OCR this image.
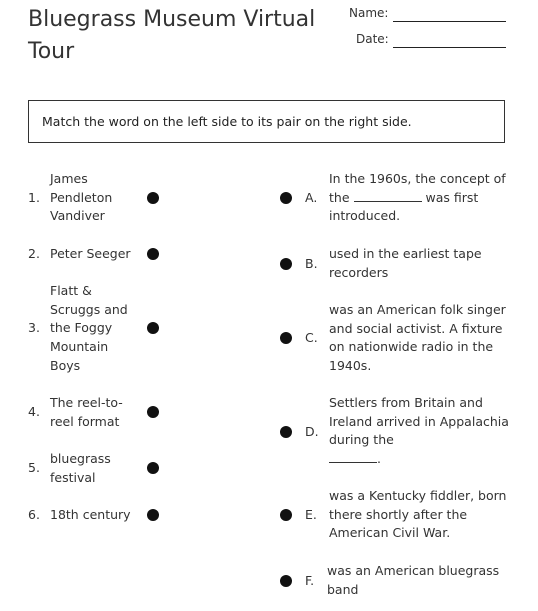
Bluegrass Museum Virtual Tour
Name:
Date:
Match the word on the left side to its pair on the right side.
1.
James Pendleton Vandiver
2. Peter Seeger
3.
Flatt & Scruggs and the Foggy Mountain Boys
4.
The reel-to-reel format
5.
bluegrass festival
6. 18th century
A.
In the 1960s, the concept of the	was first introduced.
B.
used in the earliest tape recorders
C.
was an American folk singer and social activist. A fixture on nationwide radio in the 1940s.
D.
Settlers from Britain and Ireland arrived in Appalachia during the
.
E.
was a Kentucky fiddler, born there shortly after the American Civil War.
F.
was an American bluegrass band
